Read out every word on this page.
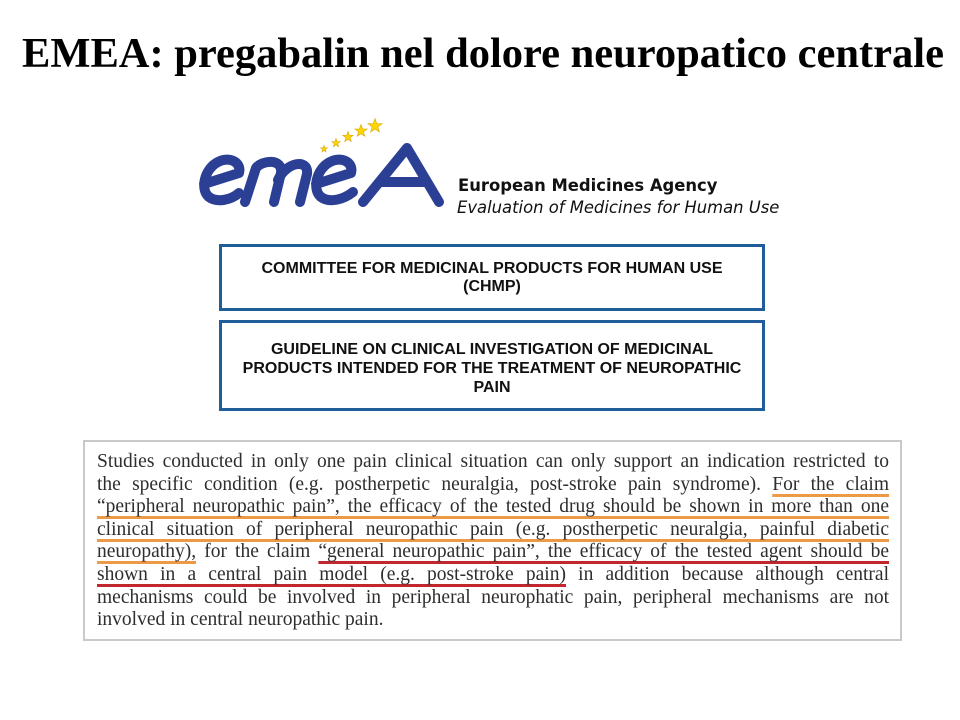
EMEA: pregabalin nel dolore neuropatico centrale
European Medicines Agency
Evaluation of Medicines for Human Use
COMMITTEE FOR MEDICINAL PRODUCTS FOR HUMAN USE
(CHMP)
GUIDELINE ON CLINICAL INVESTIGATION OF MEDICINAL
PRODUCTS INTENDED FOR THE TREATMENT OF NEUROPATHIC
PAIN
Studies conducted in only one pain clinical situation can only support an indication restricted to
the specific condition (e.g. postherpetic neuralgia, post-stroke pain syndrome). For the claim
“peripheral neuropathic pain”, the efficacy of the tested drug should be shown in more than one
clinical situation of peripheral neuropathic pain (e.g. postherpetic neuralgia, painful diabetic
neuropathy), for the claim “general neuropathic pain”, the efficacy of the tested agent should be
shown in a central pain model (e.g. post-stroke pain) in addition because although central
mechanisms could be involved in peripheral neurophatic pain, peripheral mechanisms are not
involved in central neuropathic pain.
